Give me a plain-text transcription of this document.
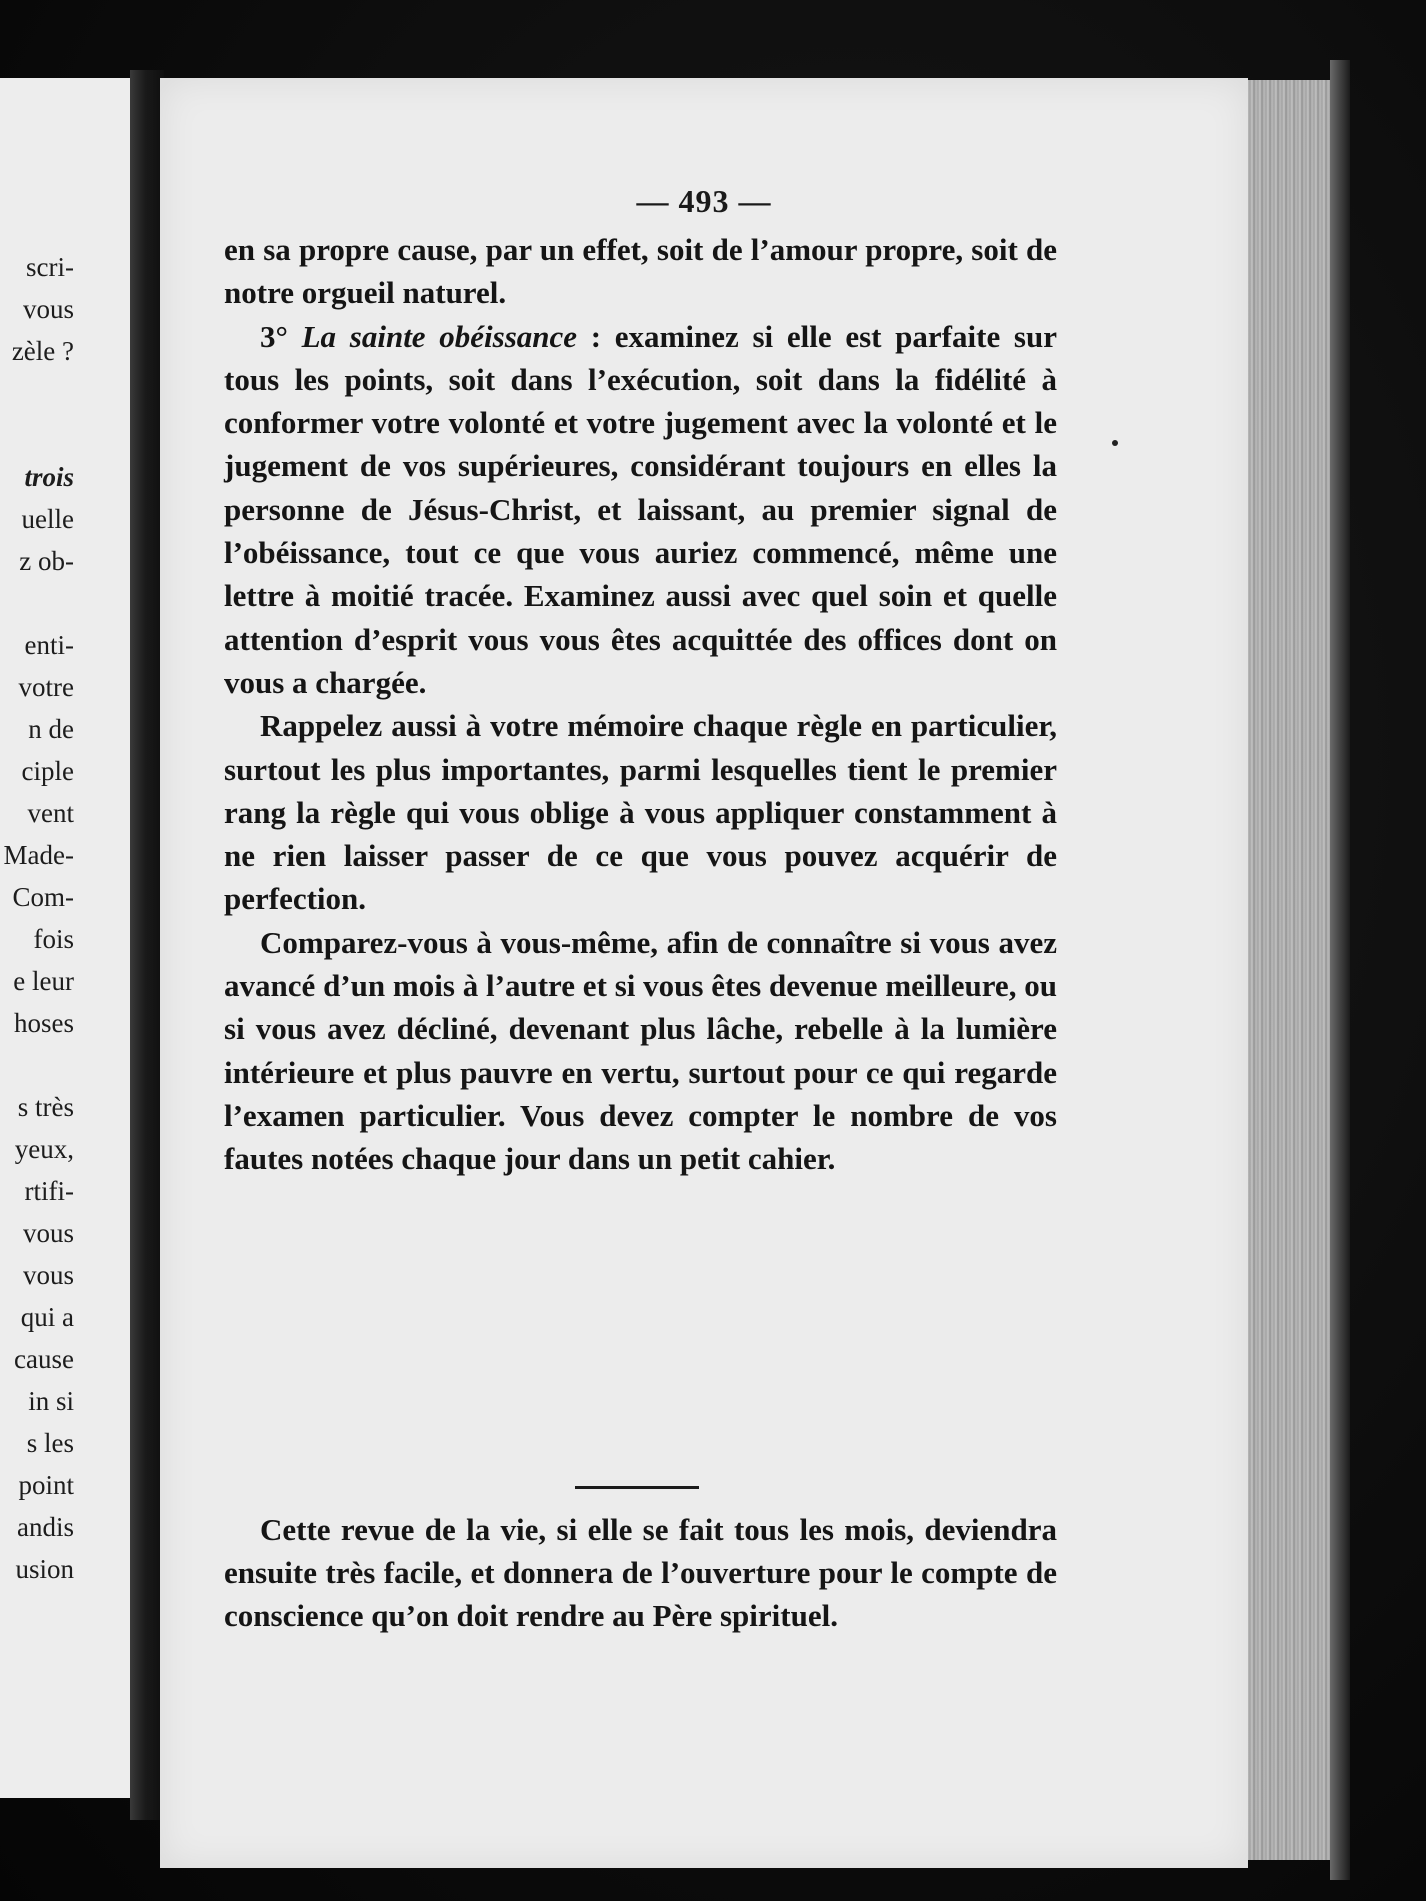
scri-
vous
zèle ?

trois
uelle
z ob-

enti-
votre
n de
ciple
vent
Made-
Com-
fois
e leur
hoses

s très
yeux,
rtifi-
vous
vous
qui a
cause
in si
s les
point
andis
usion
— 493 —

en sa propre cause, par un effet, soit de l’amour propre, soit de notre orgueil naturel.

3° La sainte obéissance : examinez si elle est parfaite sur tous les points, soit dans l’exécution, soit dans la fidélité à conformer votre volonté et votre jugement avec la volonté et le jugement de vos supérieures, considérant toujours en elles la personne de Jésus-Christ, et laissant, au premier signal de l’obéissance, tout ce que vous auriez commencé, même une lettre à moitié tracée. Examinez aussi avec quel soin et quelle attention d’esprit vous vous êtes acquittée des offices dont on vous a chargée.

Rappelez aussi à votre mémoire chaque règle en particulier, surtout les plus importantes, parmi lesquelles tient le premier rang la règle qui vous oblige à vous appliquer constamment à ne rien laisser passer de ce que vous pouvez acquérir de perfection.

Comparez-vous à vous-même, afin de connaître si vous avez avancé d’un mois à l’autre et si vous êtes devenue meilleure, ou si vous avez décliné, devenant plus lâche, rebelle à la lumière intérieure et plus pauvre en vertu, surtout pour ce qui regarde l’examen particulier. Vous devez compter le nombre de vos fautes notées chaque jour dans un petit cahier.

Cette revue de la vie, si elle se fait tous les mois, deviendra ensuite très facile, et donnera de l’ouverture pour le compte de conscience qu’on doit rendre au Père spirituel.
